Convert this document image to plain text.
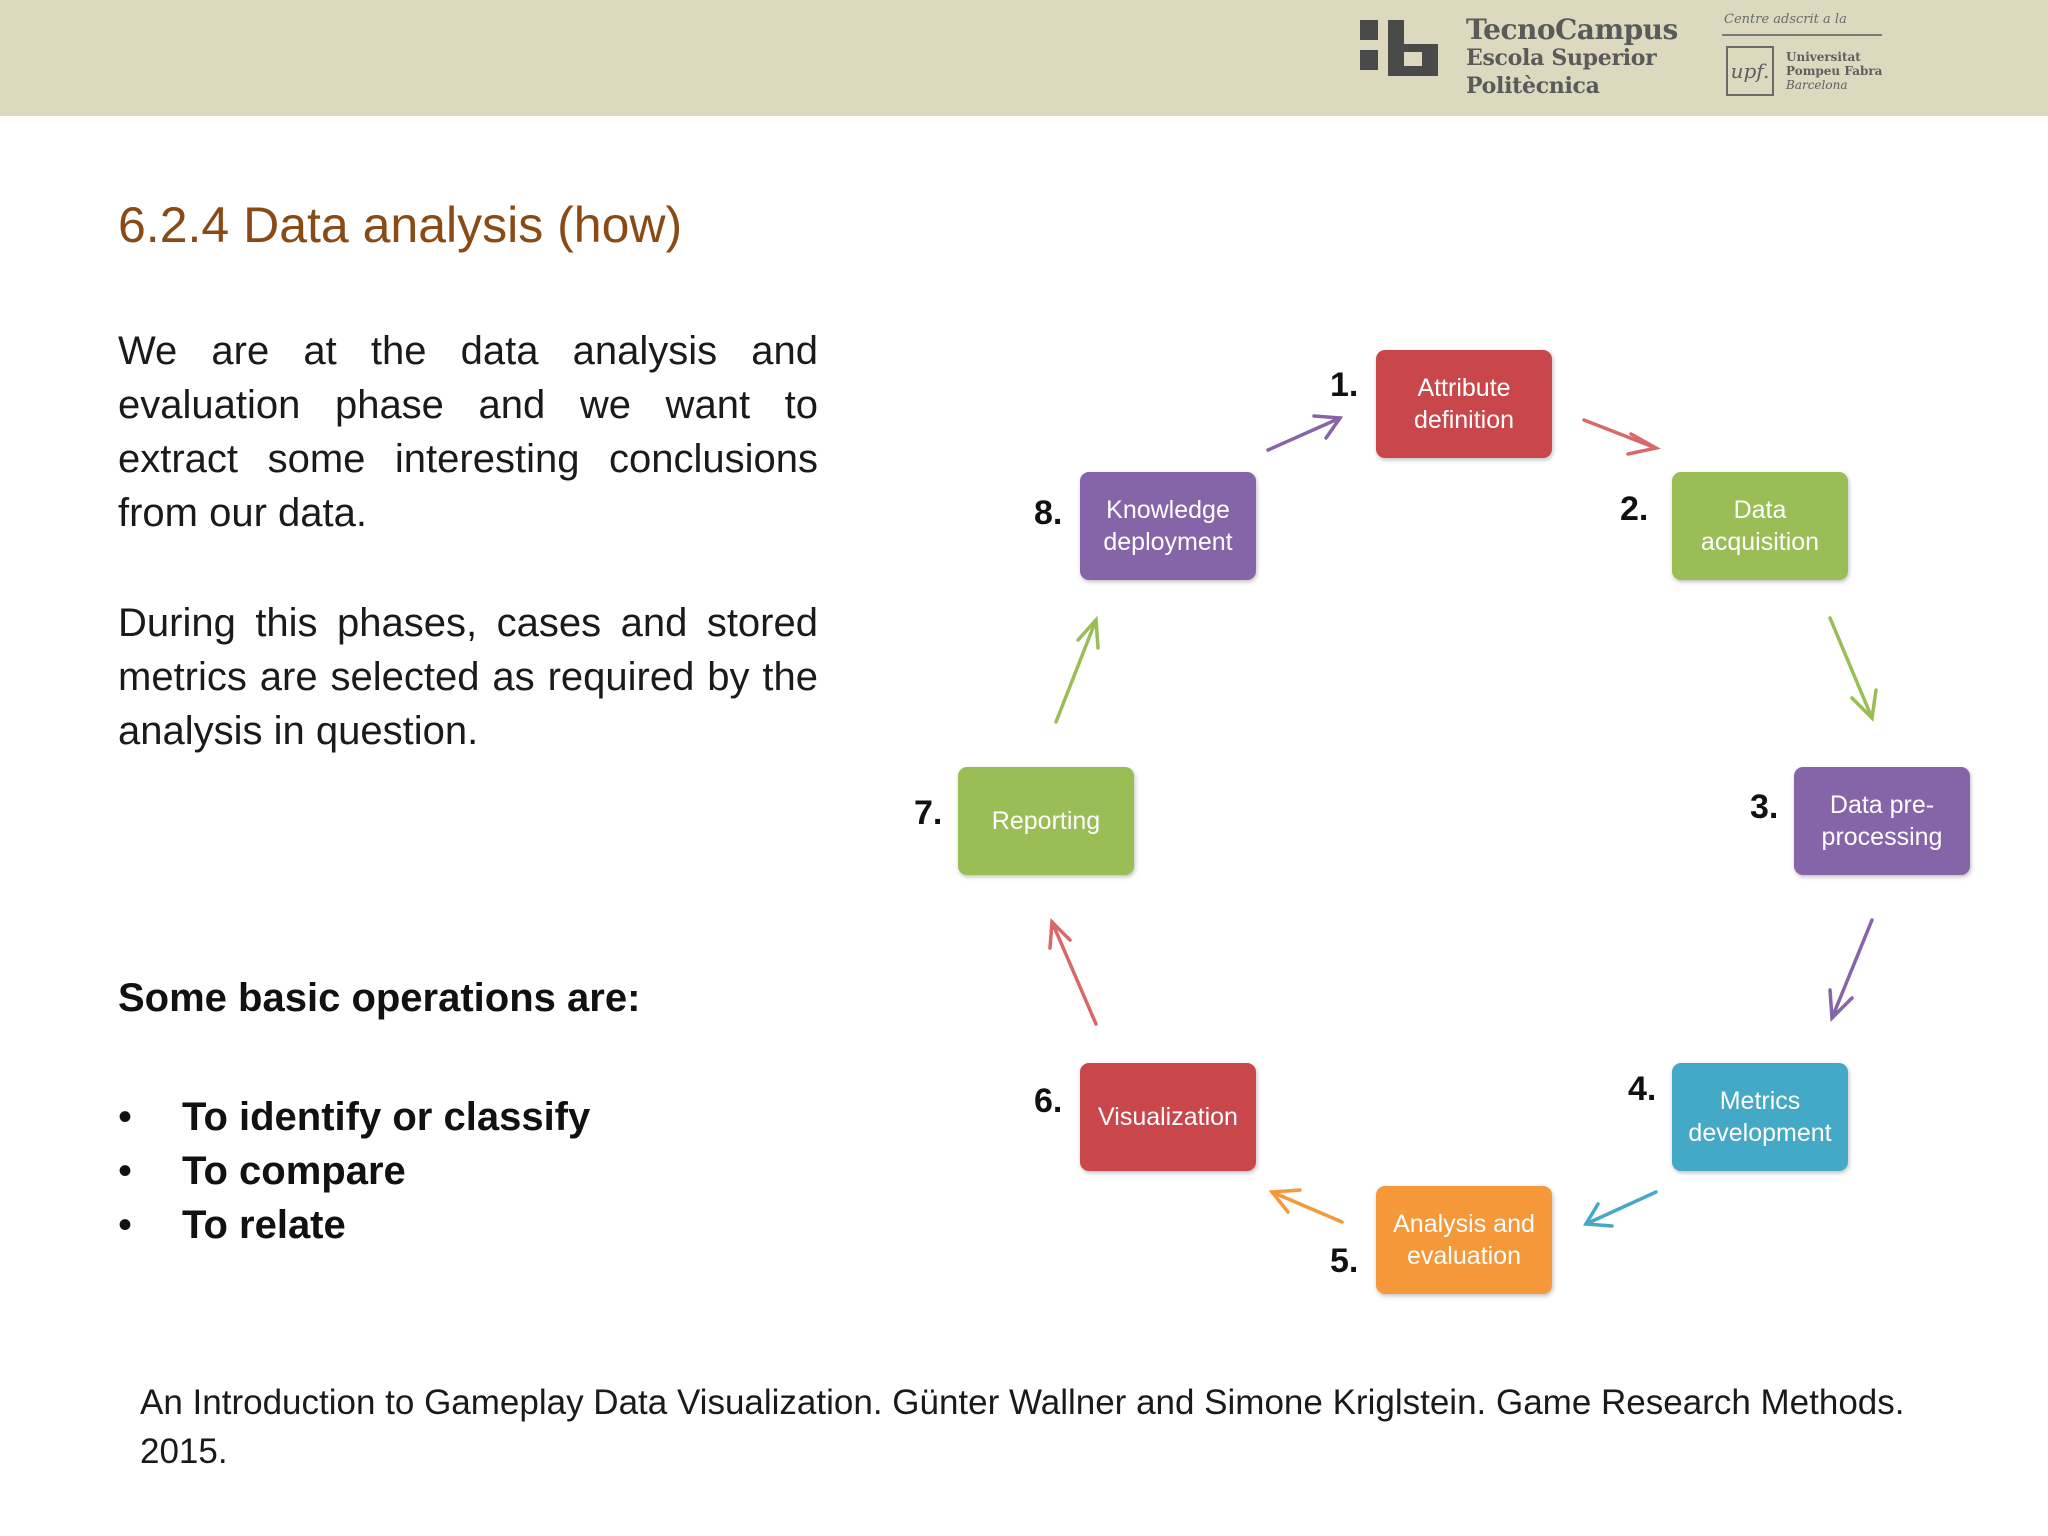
TecnoCampus
Escola Superior
Politècnica
Centre adscrit a la
upf.
Universitat
Pompeu Fabra
Barcelona
6.2.4 Data analysis (how)

We are at the data analysis and evaluation phase and we want to extract some interesting conclusions from our data.

During this phases, cases and stored metrics are selected as required by the analysis in question.

Some basic operations are:
• To identify or classify
• To compare
• To relate
Attribute definition
1.
Data acquisition
2.
Data pre-processing
3.
Metrics development
4.
Analysis and evaluation
5.
Visualization
6.
Reporting
7.
Knowledge deployment
8.

An Introduction to Gameplay Data Visualization. Günter Wallner and Simone Kriglstein. Game Research Methods. 2015.
